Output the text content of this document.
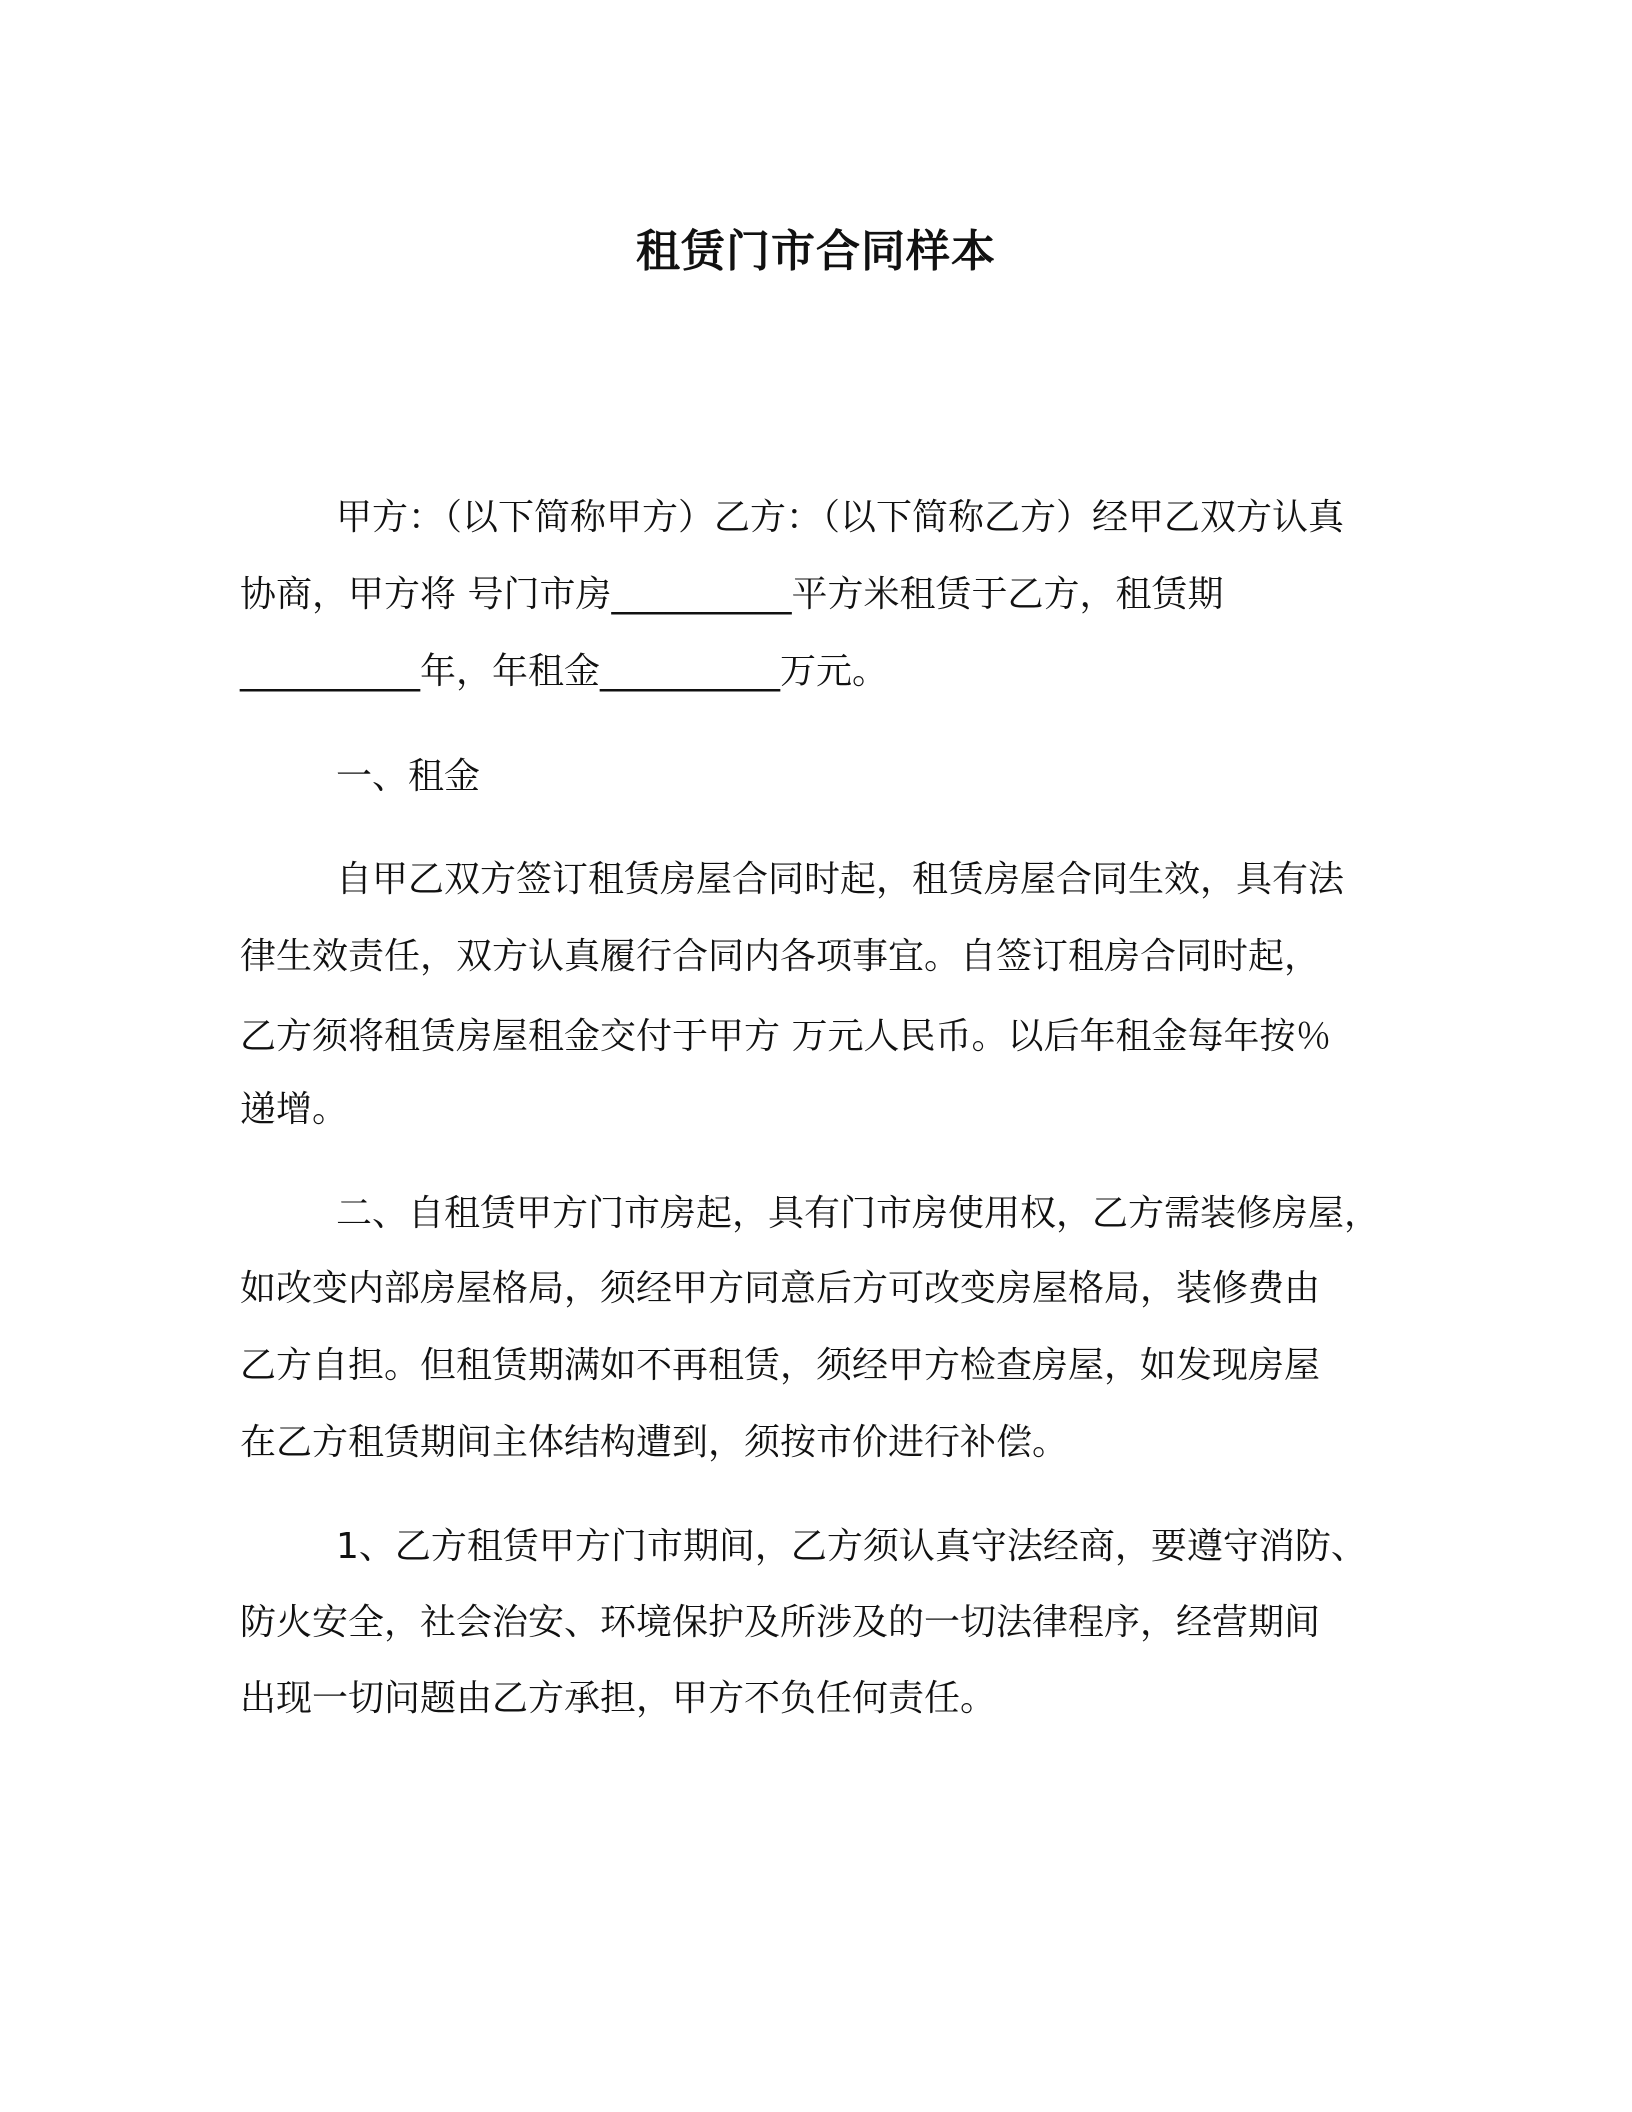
租赁门市合同样本
甲方：（以下简称甲方）乙方：（以下简称乙方）经甲乙双方认真
协商，甲方将 号门市房__________平方米租赁于乙方，租赁期
__________年，年租金__________万元。
一、租金
自甲乙双方签订租赁房屋合同时起，租赁房屋合同生效，具有法
律生效责任，双方认真履行合同内各项事宜。自签订租房合同时起，
乙方须将租赁房屋租金交付于甲方 万元人民币。以后年租金每年按％
递增。
二、自租赁甲方门市房起，具有门市房使用权，乙方需装修房屋，
如改变内部房屋格局，须经甲方同意后方可改变房屋格局，装修费由
乙方自担。但租赁期满如不再租赁，须经甲方检查房屋，如发现房屋
在乙方租赁期间主体结构遭到，须按市价进行补偿。
1、乙方租赁甲方门市期间，乙方须认真守法经商，要遵守消防、
防火安全，社会治安、环境保护及所涉及的一切法律程序，经营期间
出现一切问题由乙方承担，甲方不负任何责任。
